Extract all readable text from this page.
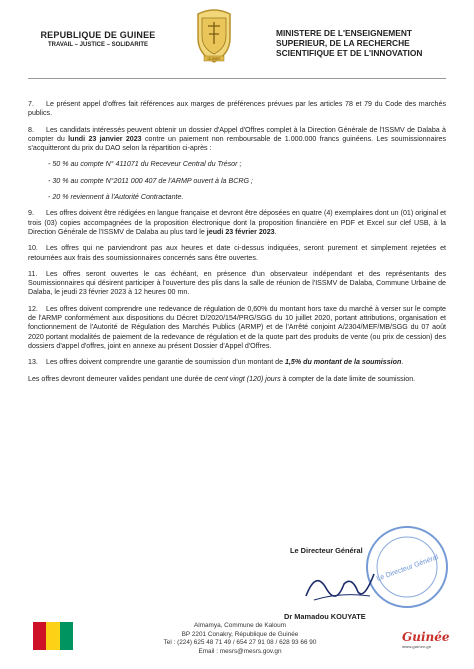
REPUBLIQUE DE GUINEE
TRAVAIL – JUSTICE – SOLIDARITE
GUINEE
MINISTERE DE L'ENSEIGNEMENT
SUPERIEUR, DE LA RECHERCHE
SCIENTIFIQUE ET DE L'INNOVATION

7. Le présent appel d'offres fait références aux marges de préférences prévues par les articles 78 et 79 du Code des marchés publics.

8. Les candidats intéressés peuvent obtenir un dossier d'Appel d'Offres complet à la Direction Générale de l'ISSMV de Dalaba à compter du lundi 23 janvier 2023 contre un paiement non remboursable de 1.000.000 francs guinéens. Les soumissionnaires s'acquitteront du prix du DAO selon la répartition ci-après :

- 50 % au compte N° 411071 du Receveur Central du Trésor ;

- 30 % au compte N°2011 000 407 de l'ARMP ouvert à la BCRG ;

- 20 % reviennent à l'Autorité Contractante.

9. Les offres doivent être rédigées en langue française et devront être déposées en quatre (4) exemplaires dont un (01) original et trois (03) copies accompagnées de la proposition électronique dont la proposition financière en PDF et Excel sur clef USB, à la Direction Générale de l'ISSMV de Dalaba au plus tard le jeudi 23 février 2023.

10. Les offres qui ne parviendront pas aux heures et date ci-dessus indiquées, seront purement et simplement rejetées et retournées aux frais des soumissionnaires concernés sans être ouvertes.

11. Les offres seront ouvertes le cas échéant, en présence d'un observateur indépendant et des représentants des Soumissionnaires qui désirent participer à l'ouverture des plis dans la salle de réunion de l'ISSMV de Dalaba, Commune Urbaine de Dalaba, le jeudi 23 février 2023 à 12 heures 00 mn.

12. Les offres doivent comprendre une redevance de régulation de 0,60% du montant hors taxe du marché à verser sur le compte de l'ARMP conformément aux dispositions du Décret D/2020/154/PRG/SGG du 10 juillet 2020, portant attributions, organisation et fonctionnement de l'Autorité de Régulation des Marchés Publics (ARMP) et de l'Arrêté conjoint A/2304/MEF/MB/SGG du 07 août 2020 portant modalités de paiement de la redevance de régulation et de la quote part des produits de vente (ou prix de cession) des dossiers d'appel d'offres, joint en annexe au présent Dossier d'Appel d'Offres.

13. Les offres doivent comprendre une garantie de soumission d'un montant de 1,5% du montant de la soumission.

Les offres devront demeurer valides pendant une durée de cent vingt (120) jours à compter de la date limite de soumission.

Le Directeur Général
Le Directeur Général
Dr Mamadou KOUYATE
Almamya, Commune de Kaloum
BP 2201 Conakry, République de Guinée
Tel : (224) 625 48 71 49 / 654 27 91 08 / 628 93 66 90
Email : mesrs@mesrs.gov.gn
Guinée
www.guinee.gn
